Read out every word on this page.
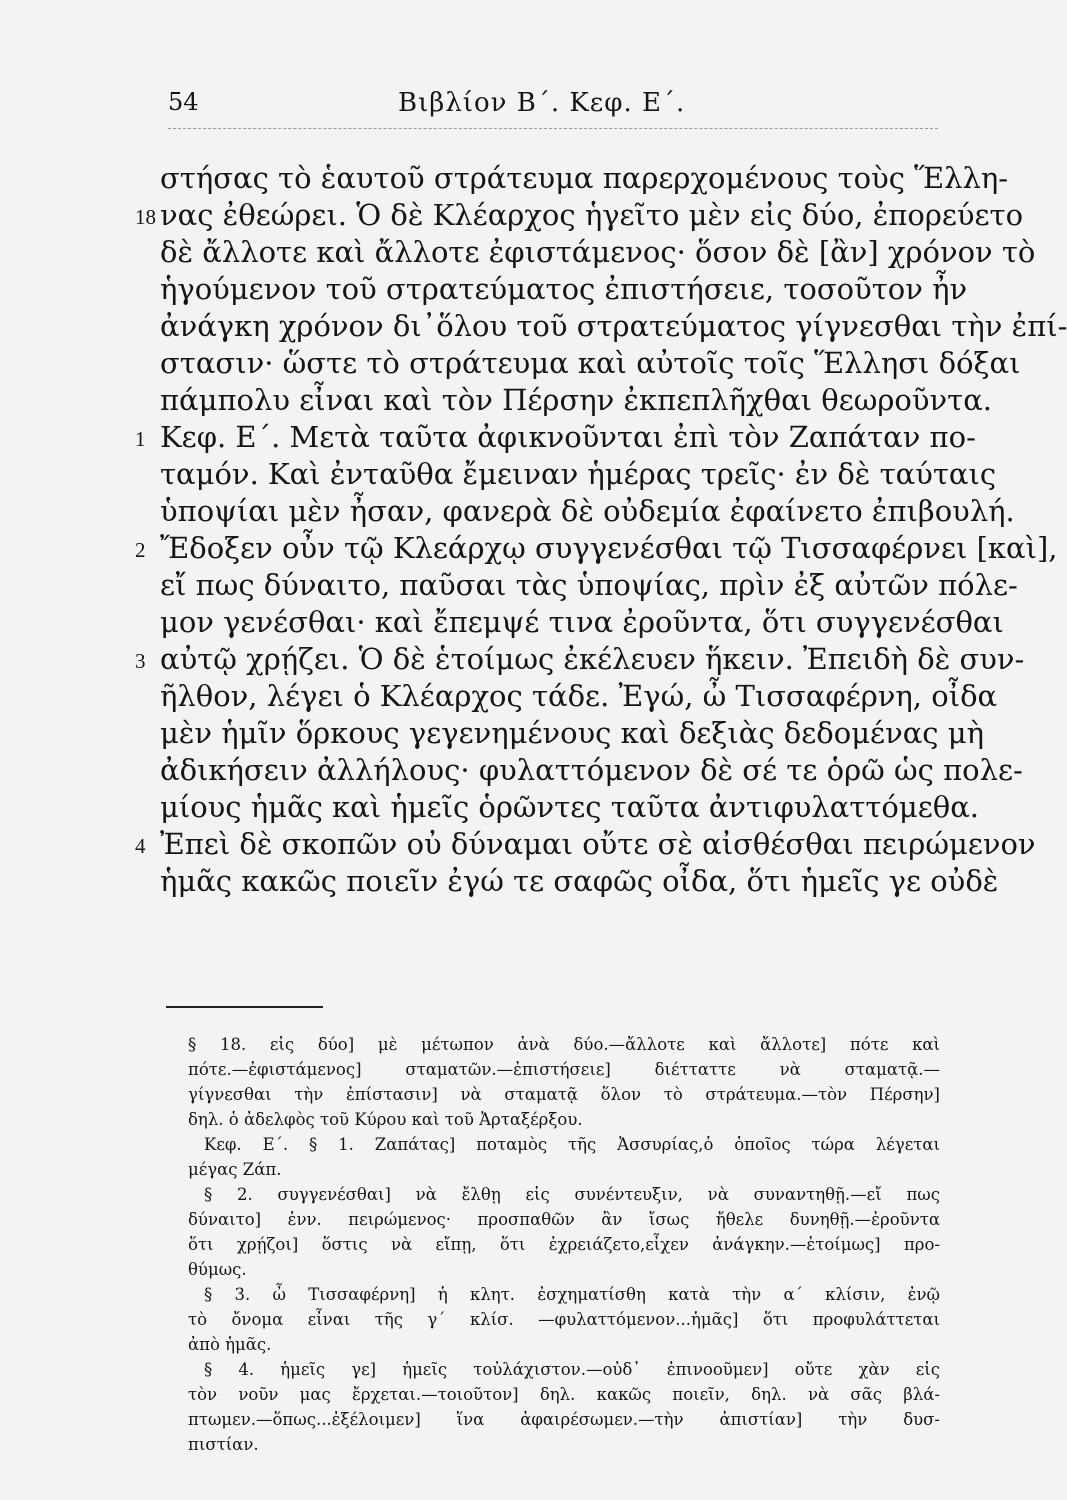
54	Βιβλίον Β΄. Κεφ. Ε΄.
στήσας τὸ ἑαυτοῦ στράτευμα παρερχομένους τοὺς Ἕλλη-
18 νας ἐθεώρει. Ὁ δὲ Κλέαρχος ἡγεῖτο μὲν εἰς δύο, ἐπορεύετο
δὲ ἄλλοτε καὶ ἄλλοτε ἐφιστάμενος· ὅσον δὲ [ἂν] χρόνον τὸ
ἡγούμενον τοῦ στρατεύματος ἐπιστήσειε, τοσοῦτον ἦν
ἀνάγκη χρόνον δι᾽ὅλου τοῦ στρατεύματος γίγνεσθαι τὴν ἐπί-
στασιν· ὥστε τὸ στράτευμα καὶ αὐτοῖς τοῖς Ἕλλησι δόξαι
πάμπολυ εἶναι καὶ τὸν Πέρσην ἐκπεπλῆχθαι θεωροῦντα.
1 Κεφ. Ε΄. Μετὰ ταῦτα ἀφικνοῦνται ἐπὶ τὸν Ζαπάταν πο-
ταμόν. Καὶ ἐνταῦθα ἔμειναν ἡμέρας τρεῖς· ἐν δὲ ταύταις
ὑποψίαι μὲν ἦσαν, φανερὰ δὲ οὐδεμία ἐφαίνετο ἐπιβουλή.
2 Ἔδοξεν οὖν τῷ Κλεάρχῳ συγγενέσθαι τῷ Τισσαφέρνει [καὶ],
εἴ πως δύναιτο, παῦσαι τὰς ὑποψίας, πρὶν ἐξ αὐτῶν πόλε-
μον γενέσθαι· καὶ ἔπεμψέ τινα ἐροῦντα, ὅτι συγγενέσθαι
3 αὐτῷ χρῄζει. Ὁ δὲ ἑτοίμως ἐκέλευεν ἥκειν. Ἐπειδὴ δὲ συν-
ῆλθον, λέγει ὁ Κλέαρχος τάδε. Ἐγώ, ὦ Τισσαφέρνη, οἶδα
μὲν ἡμῖν ὅρκους γεγενημένους καὶ δεξιὰς δεδομένας μὴ
ἀδικήσειν ἀλλήλους· φυλαττόμενον δὲ σέ τε ὁρῶ ὡς πολε-
μίους ἡμᾶς καὶ ἡμεῖς ὁρῶντες ταῦτα ἀντιφυλαττόμεθα.
4 Ἐπεὶ δὲ σκοπῶν οὐ δύναμαι οὔτε σὲ αἰσθέσθαι πειρώμενον
ἡμᾶς κακῶς ποιεῖν ἐγώ τε σαφῶς οἶδα, ὅτι ἡμεῖς γε οὐδὲ
§ 18. εἰς δύο] μὲ μέτωπον ἀνὰ δύο.—ἄλλοτε καὶ ἄλλοτε] πότε καὶ
πότε.—ἐφιστάμενος] σταματῶν.—ἐπιστήσειε] διέτταττε νὰ σταματᾷ.—
γίγνεσθαι τὴν ἐπίστασιν] νὰ σταματᾷ ὅλον τὸ στράτευμα.—τὸν Πέρσην]
δηλ. ὁ ἀδελφὸς τοῦ Κύρου καὶ τοῦ Ἀρταξέρξου.
Κεφ. Ε΄. § 1. Ζαπάτας] ποταμὸς τῆς Ἀσσυρίας,ὁ ὁποῖος τώρα λέγεται
μέγας Ζάπ.
§ 2. συγγενέσθαι] νὰ ἔλθῃ εἰς συνέντευξιν, νὰ συναντηθῇ.—εἴ πως
δύναιτο] ἐνν. πειρώμενος· προσπαθῶν ἂν ἴσως ἤθελε δυνηθῇ.—ἐροῦντα
ὅτι χρῄζοι] ὅστις νὰ εἴπῃ, ὅτι ἐχρειάζετο,εἶχεν ἀνάγκην.—ἑτοίμως] προ-
θύμως.
§ 3. ὦ Τισσαφέρνη] ἡ κλητ. ἐσχηματίσθη κατὰ τὴν α΄ κλίσιν, ἐνῷ
τὸ ὄνομα εἶναι τῆς γ΄ κλίσ. —φυλαττόμενον...ἡμᾶς] ὅτι προφυλάττεται
ἀπὸ ἡμᾶς.
§ 4. ἡμεῖς γε] ἡμεῖς τοὐλάχιστον.—οὐδ᾽ ἐπινοοῦμεν] οὔτε χὰν εἰς
τὸν νοῦν μας ἔρχεται.—τοιοῦτον] δηλ. κακῶς ποιεῖν, δηλ. νὰ σᾶς βλά-
πτωμεν.—ὅπως...ἐξέλοιμεν] ἵνα ἀφαιρέσωμεν.—τὴν ἀπιστίαν] τὴν δυσ-
πιστίαν.
